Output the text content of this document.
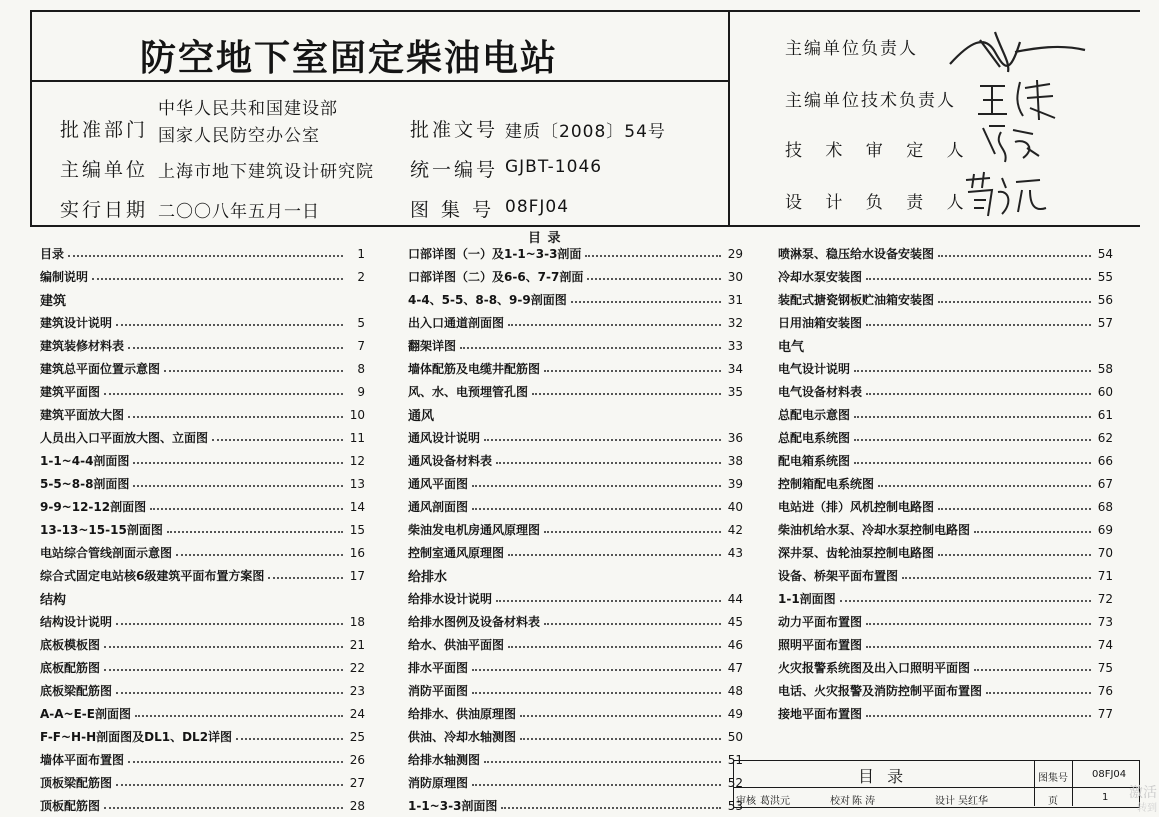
防空地下室固定柴油电站
批准部门
中华人民共和国建设部
国家人民防空办公室
主编单位 上海市地下建筑设计研究院
实行日期 二〇〇八年五月一日
批准文号 建质〔2008〕54号
统一编号 GJBT-1046
图 集 号 08FJ04
主编单位负责人
主编单位技术负责人
技 术 审 定 人
设 计 负 责 人
目 录
目录	1
编制说明	2
建筑
建筑设计说明	5
建筑装修材料表	7
建筑总平面位置示意图	8
建筑平面图	9
建筑平面放大图	10
人员出入口平面放大图、立面图	11
1-1~4-4剖面图	12
5-5~8-8剖面图	13
9-9~12-12剖面图	14
13-13~15-15剖面图	15
电站综合管线剖面示意图	16
综合式固定电站核6级建筑平面布置方案图	17
结构
结构设计说明	18
底板模板图	21
底板配筋图	22
底板梁配筋图	23
A-A~E-E剖面图	24
F-F~H-H剖面图及DL1、DL2详图	25
墙体平面布置图	26
顶板梁配筋图	27
顶板配筋图	28
口部详图（一）及1-1~3-3剖面	29
口部详图（二）及6-6、7-7剖面	30
4-4、5-5、8-8、9-9剖面图	31
出入口通道剖面图	32
翻架详图	33
墙体配筋及电缆井配筋图	34
风、水、电预埋管孔图	35
通风
通风设计说明	36
通风设备材料表	38
通风平面图	39
通风剖面图	40
柴油发电机房通风原理图	42
控制室通风原理图	43
给排水
给排水设计说明	44
给排水图例及设备材料表	45
给水、供油平面图	46
排水平面图	47
消防平面图	48
给排水、供油原理图	49
供油、冷却水轴测图	50
给排水轴测图	51
消防原理图	52
1-1~3-3剖面图	53
喷淋泵、稳压给水设备安装图	54
冷却水泵安装图	55
装配式搪瓷钢板贮油箱安装图	56
日用油箱安装图	57
电气
电气设计说明	58
电气设备材料表	60
总配电示意图	61
总配电系统图	62
配电箱系统图	66
控制箱配电系统图	67
电站进（排）风机控制电路图	68
柴油机给水泵、冷却水泵控制电路图	69
深井泵、齿轮油泵控制电路图	70
设备、桥架平面布置图	71
1-1剖面图	72
动力平面布置图	73
照明平面布置图	74
火灾报警系统图及出入口照明平面图	75
电话、火灾报警及消防控制平面布置图	76
接地平面布置图	77
目 录	图集号 08FJ04
审核 葛洪元	校对 陈 涛	设计 吴红华	页	1 激活
转到
